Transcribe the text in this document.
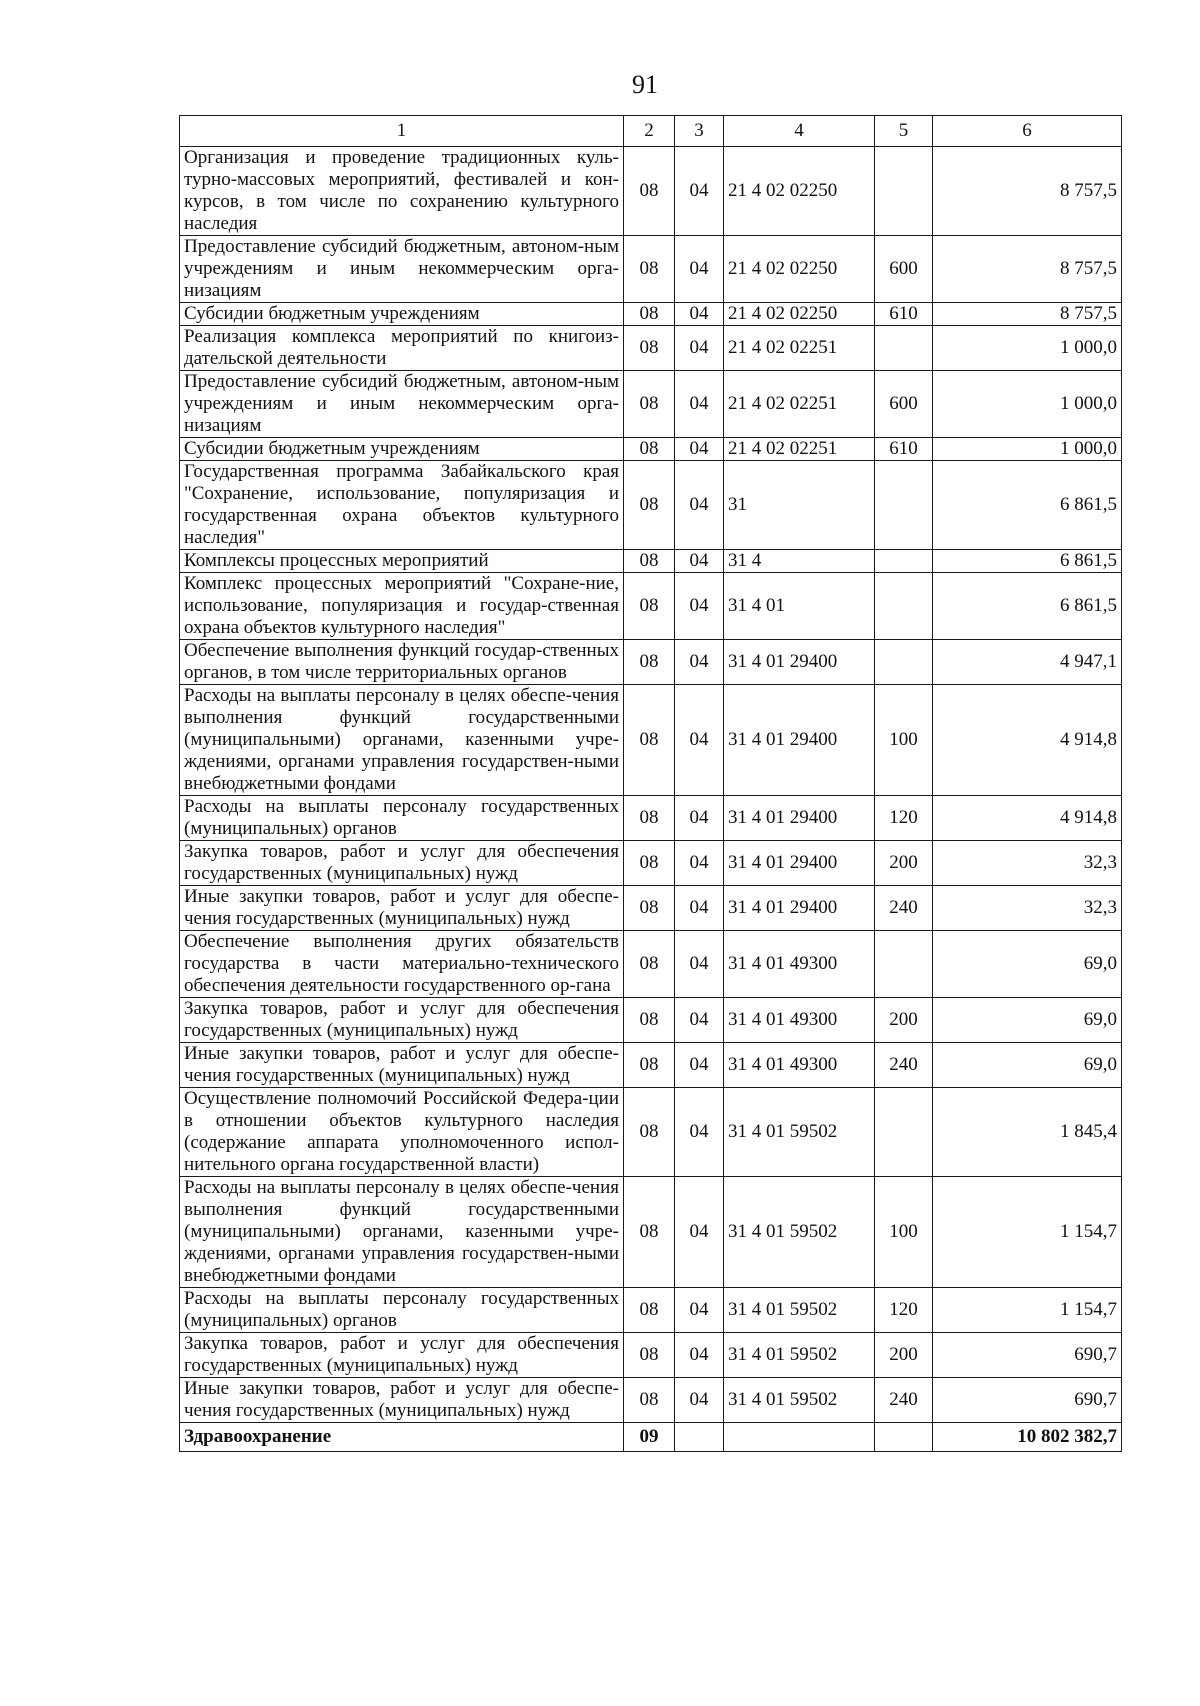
91
1	2	3	4	5	6
Организация и проведение традиционных куль-турно-массовых мероприятий, фестивалей и кон-курсов, в том числе по сохранению культурного наследия	08	04	21 4 02 02250		8 757,5
Предоставление субсидий бюджетным, автоном-ным учреждениям и иным некоммерческим орга-низациям	08	04	21 4 02 02250	600	8 757,5
Субсидии бюджетным учреждениям	08	04	21 4 02 02250	610	8 757,5
Реализация комплекса мероприятий по книгоиз-дательской деятельности	08	04	21 4 02 02251		1 000,0
Предоставление субсидий бюджетным, автоном-ным учреждениям и иным некоммерческим орга-низациям	08	04	21 4 02 02251	600	1 000,0
Субсидии бюджетным учреждениям	08	04	21 4 02 02251	610	1 000,0
Государственная программа Забайкальского края "Сохранение, использование, популяризация и государственная охрана объектов культурного наследия"	08	04	31		6 861,5
Комплексы процессных мероприятий	08	04	31 4		6 861,5
Комплекс процессных мероприятий "Сохране-ние, использование, популяризация и государ-ственная охрана объектов культурного наследия"	08	04	31 4 01		6 861,5
Обеспечение выполнения функций государ-ственных органов, в том числе территориальных органов	08	04	31 4 01 29400		4 947,1
Расходы на выплаты персоналу в целях обеспе-чения выполнения функций государственными (муниципальными) органами, казенными учре-ждениями, органами управления государствен-ными внебюджетными фондами	08	04	31 4 01 29400	100	4 914,8
Расходы на выплаты персоналу государственных (муниципальных) органов	08	04	31 4 01 29400	120	4 914,8
Закупка товаров, работ и услуг для обеспечения государственных (муниципальных) нужд	08	04	31 4 01 29400	200	32,3
Иные закупки товаров, работ и услуг для обеспе-чения государственных (муниципальных) нужд	08	04	31 4 01 29400	240	32,3
Обеспечение выполнения других обязательств государства в части материально-технического обеспечения деятельности государственного ор-гана	08	04	31 4 01 49300		69,0
Закупка товаров, работ и услуг для обеспечения государственных (муниципальных) нужд	08	04	31 4 01 49300	200	69,0
Иные закупки товаров, работ и услуг для обеспе-чения государственных (муниципальных) нужд	08	04	31 4 01 49300	240	69,0
Осуществление полномочий Российской Федера-ции в отношении объектов культурного наследия (содержание аппарата уполномоченного испол-нительного органа государственной власти)	08	04	31 4 01 59502		1 845,4
Расходы на выплаты персоналу в целях обеспе-чения выполнения функций государственными (муниципальными) органами, казенными учре-ждениями, органами управления государствен-ными внебюджетными фондами	08	04	31 4 01 59502	100	1 154,7
Расходы на выплаты персоналу государственных (муниципальных) органов	08	04	31 4 01 59502	120	1 154,7
Закупка товаров, работ и услуг для обеспечения государственных (муниципальных) нужд	08	04	31 4 01 59502	200	690,7
Иные закупки товаров, работ и услуг для обеспе-чения государственных (муниципальных) нужд	08	04	31 4 01 59502	240	690,7
Здравоохранение	09				10 802 382,7
